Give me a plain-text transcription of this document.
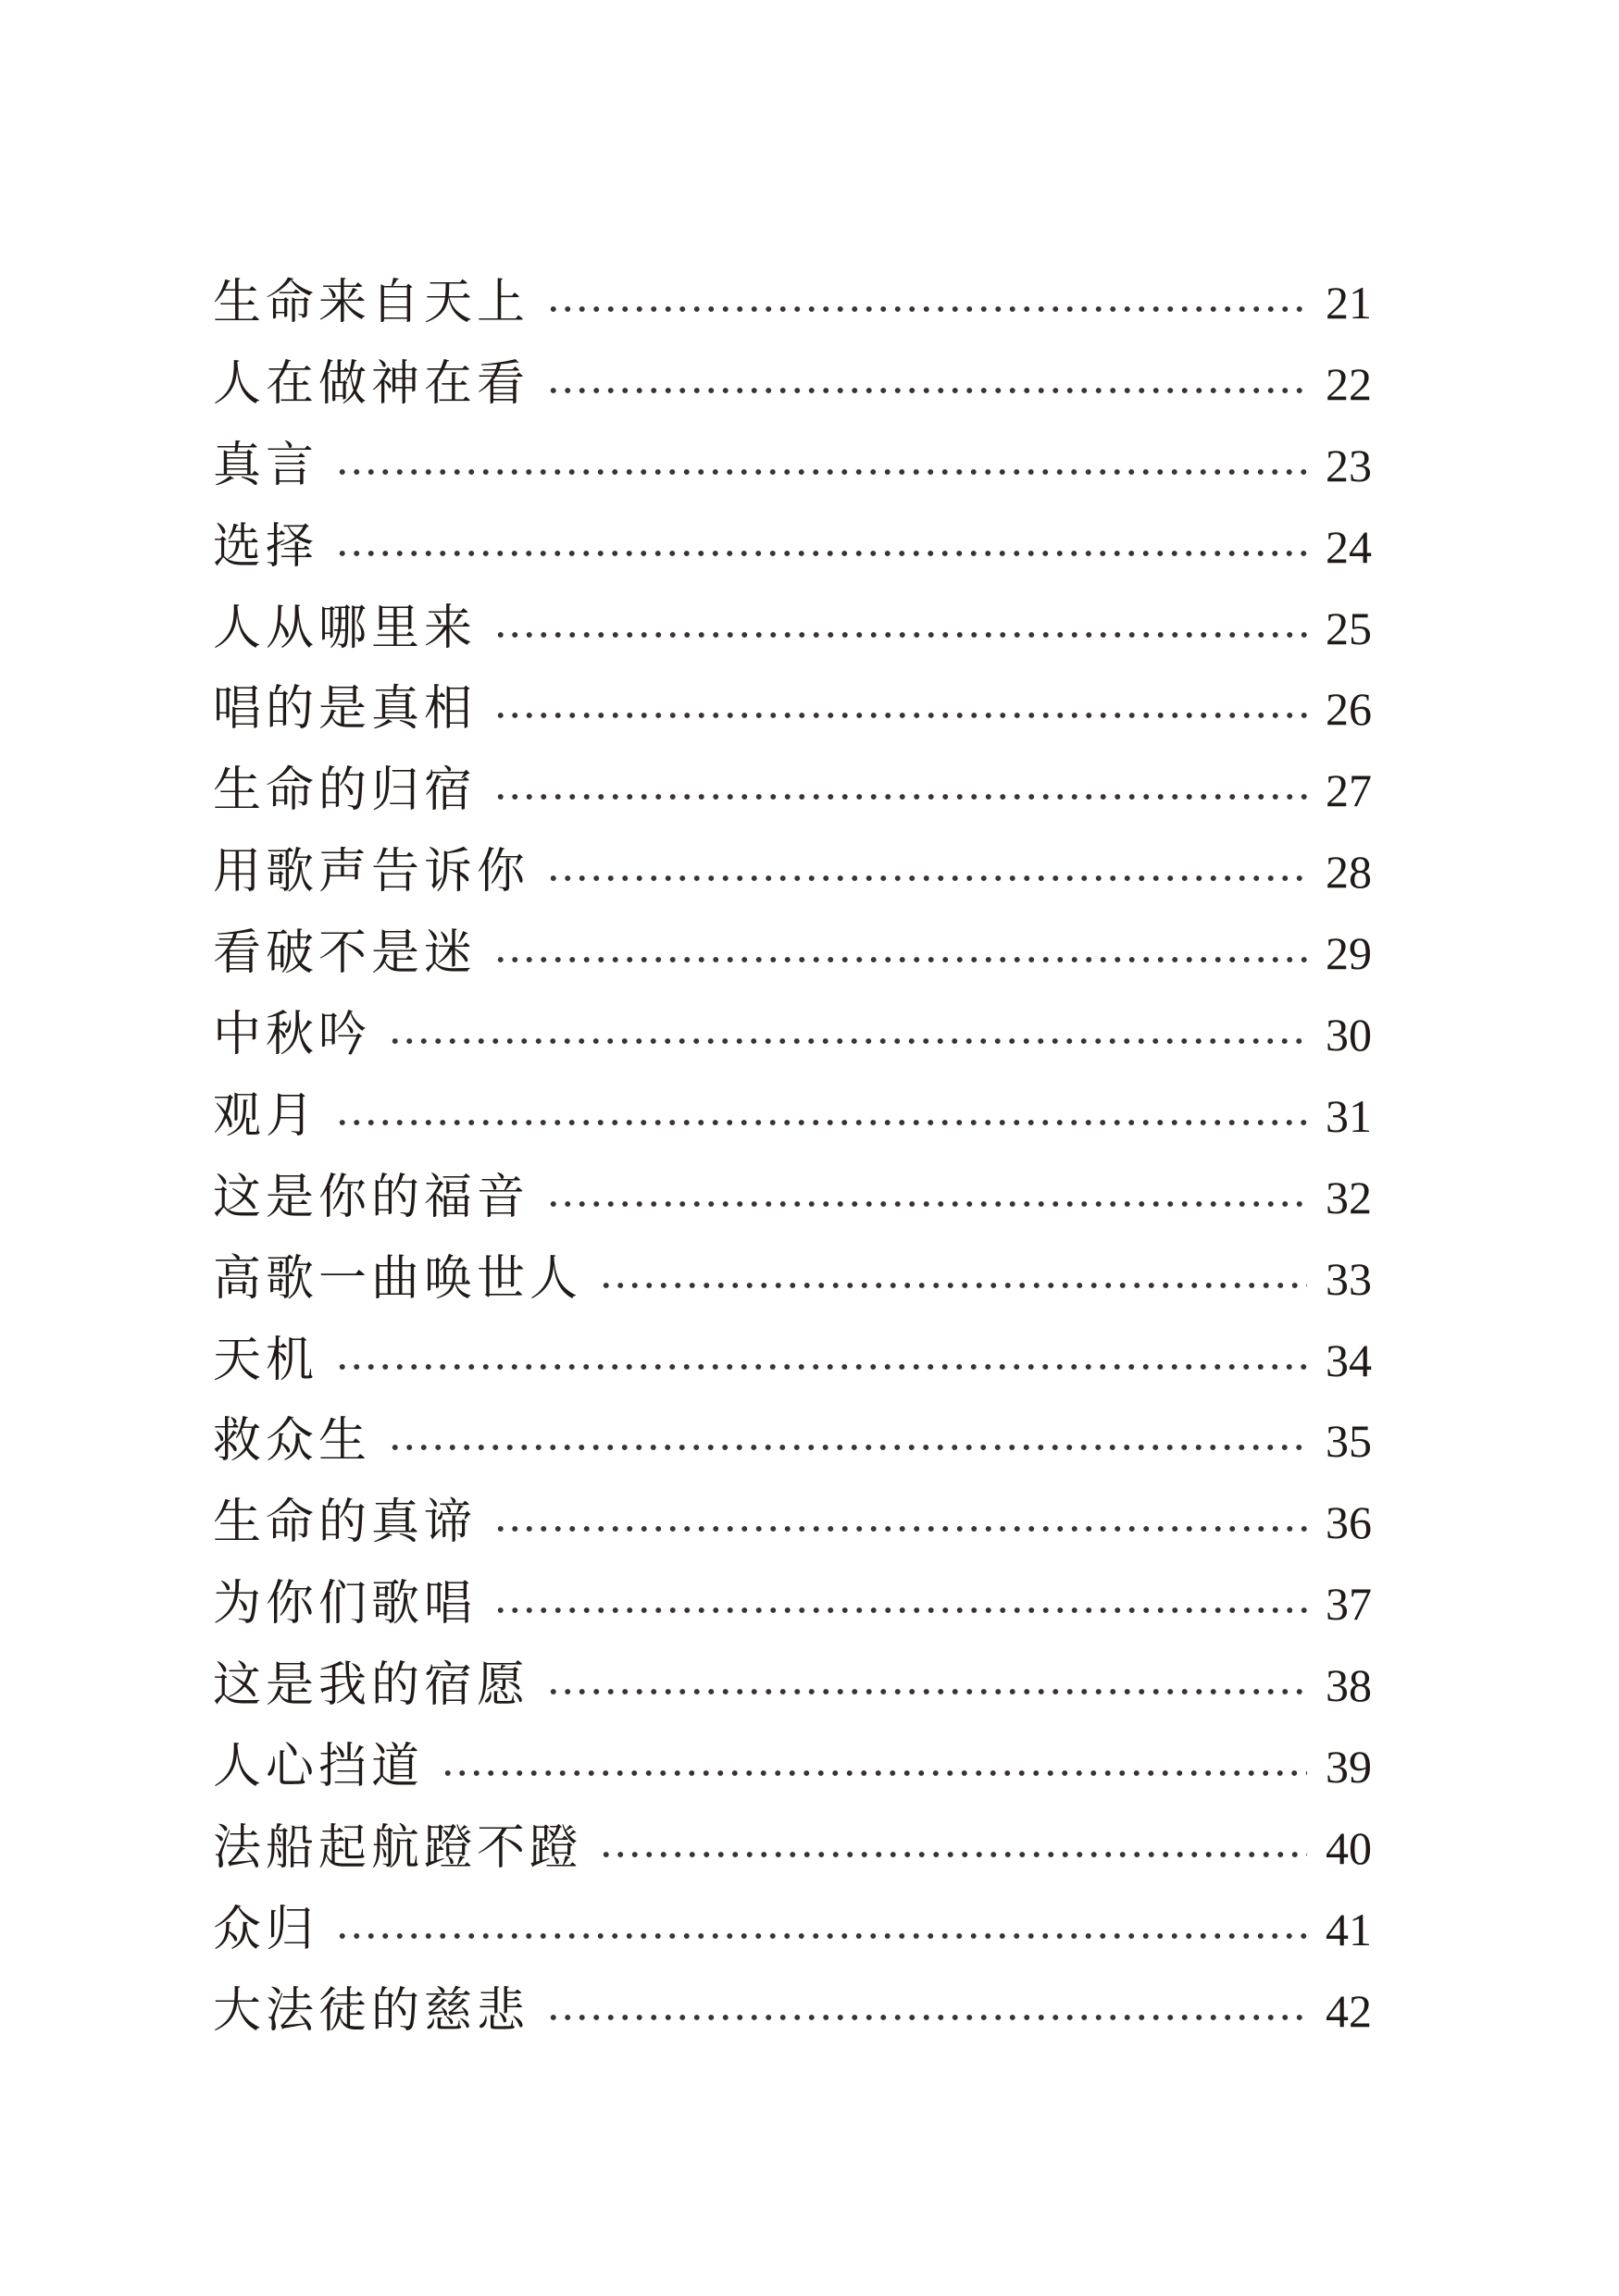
生命来自天上	21
人在做神在看	22
真言	23
选择	24
人从哪里来	25
唱的是真相	26
生命的归宿	27
用歌声告诉你	28
看破不是迷	29
中秋吟	30
观月	31
这是你的福音	32
高歌一曲唤世人	33
天机	34
救众生	35
生命的真谛	36
为你们歌唱	37
这是我的宿愿	38
人心挡道	39
法船起航蹬不蹬	40
众归	41
大法徒的慈悲	42
